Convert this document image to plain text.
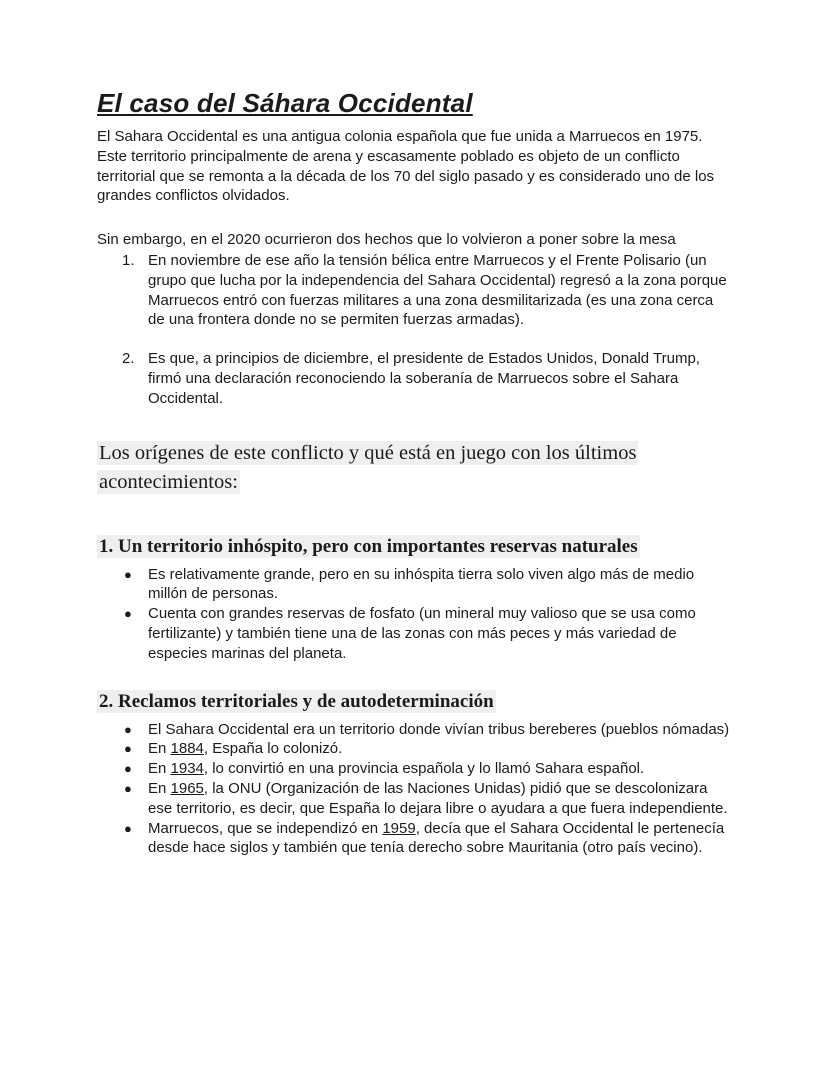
El caso del Sáhara Occidental

El Sahara Occidental es una antigua colonia española que fue unida a Marruecos en 1975. Este territorio principalmente de arena y escasamente poblado es objeto de un conflicto territorial que se remonta a la década de los 70 del siglo pasado y es considerado uno de los grandes conflictos olvidados.

Sin embargo, en el 2020 ocurrieron dos hechos que lo volvieron a poner sobre la mesa

1. En noviembre de ese año la tensión bélica entre Marruecos y el Frente Polisario (un grupo que lucha por la independencia del Sahara Occidental) regresó a la zona porque Marruecos entró con fuerzas militares a una zona desmilitarizada (es una zona cerca de una frontera donde no se permiten fuerzas armadas).
2. Es que, a principios de diciembre, el presidente de Estados Unidos, Donald Trump, firmó una declaración reconociendo la soberanía de Marruecos sobre el Sahara Occidental.
Los orígenes de este conflicto y qué está en juego con los últimos acontecimientos:
1. Un territorio inhóspito, pero con importantes reservas naturales
●	Es relativamente grande, pero en su inhóspita tierra solo viven algo más de medio millón de personas.
●	Cuenta con grandes reservas de fosfato (un mineral muy valioso que se usa como fertilizante) y también tiene una de las zonas con más peces y más variedad de especies marinas del planeta.
2. Reclamos territoriales y de autodeterminación
●	El Sahara Occidental era un territorio donde vivían tribus bereberes (pueblos nómadas)
●	En 1884, España lo colonizó.
●	En 1934, lo convirtió en una provincia española y lo llamó Sahara español.
●	En 1965, la ONU (Organización de las Naciones Unidas) pidió que se descolonizara ese territorio, es decir, que España lo dejara libre o ayudara a que fuera independiente.
●	Marruecos, que se independizó en 1959, decía que el Sahara Occidental le pertenecía desde hace siglos y también que tenía derecho sobre Mauritania (otro país vecino).
